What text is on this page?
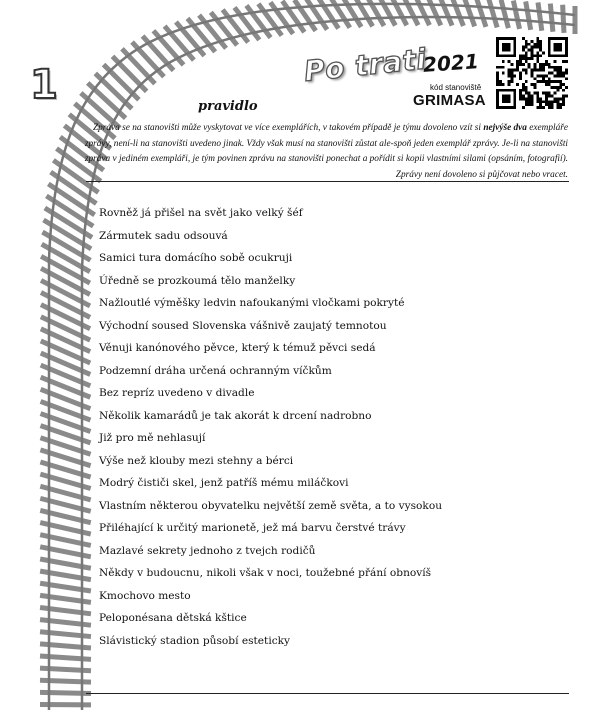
1	Po trati
2021
kód stanoviště
GRIMASA
pravidlo
Zpráva se na stanovišti může vyskytovat ve více exemplářích, v takovém případě je týmu dovoleno vzít si nejvýše dva exempláře zprávy, není-li na stanovišti uvedeno jinak. Vždy však musí na stanovišti zůstat ale-spoň jeden exemplář zprávy. Je-li na stanovišti zpráva v jediném exempláři, je tým povinen zprávu na stanovišti ponechat a pořídit si kopii vlastními silami (opsáním, fotografií). Zprávy není dovoleno si půjčovat nebo vracet.
Rovněž já přišel na svět jako velký šéf
Zármutek sadu odsouvá
Samici tura domácího sobě ocukruji
Úředně se prozkoumá tělo manželky
Nažloutlé výměšky ledvin nafoukanými vločkami pokryté
Východní soused Slovenska vášnivě zaujatý temnotou
Věnuji kanónového pěvce, který k témuž pěvci sedá
Podzemní dráha určená ochranným víčkům
Bez repríz uvedeno v divadle
Několik kamarádů je tak akorát k drcení nadrobno
Již pro mě nehlasují
Výše než klouby mezi stehny a bérci
Modrý čističi skel, jenž patříš mému miláčkovi
Vlastním některou obyvatelku největší země světa, a to vysokou
Přiléhající k určitý marionetě, jež má barvu čerstvé trávy
Mazlavé sekrety jednoho z tvejch rodičů
Někdy v budoucnu, nikoli však v noci, toužebné přání obnovíš
Kmochovo mesto
Peloponésana dětská kštice
Slávistický stadion působí esteticky
